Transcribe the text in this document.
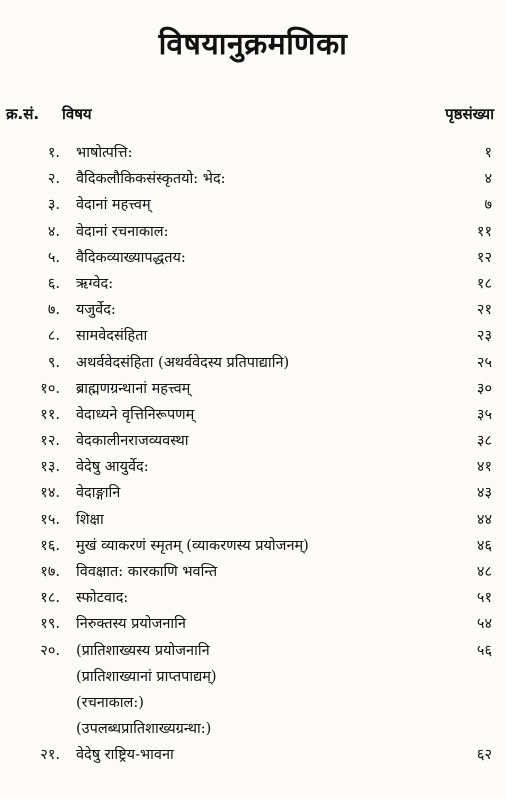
विषयानुक्रमणिका
क्र.सं. विषय	पृष्ठसंख्या
१. भाषोत्पत्ति:	१
२. वैदिकलौकिकसंस्कृतयो: भेद:	४
३. वेदानां महत्त्वम्	७
४. वेदानां रचनाकाल:	११
५. वैदिकव्याख्यापद्धतय:	१२
६. ऋग्वेद:	१८
७. यजुर्वेद:	२१
८. सामवेदसंहिता	२३
९. अथर्ववेदसंहिता (अथर्ववेदस्य प्रतिपाद्यानि)	२५
१०. ब्राह्मणग्रन्थानां महत्त्वम्	३०
११. वेदाध्यने वृत्तिनिरूपणम्	३५
१२. वेदकालीनराजव्यवस्था	३८
१३. वेदेषु आयुर्वेद:	४१
१४. वेदाङ्गानि	४३
१५. शिक्षा	४४
१६. मुखं व्याकरणं स्मृतम् (व्याकरणस्य प्रयोजनम्)	४६
१७. विवक्षात: कारकाणि भवन्ति	४८
१८. स्फोटवाद:	५१
१९. निरुक्तस्य प्रयोजनानि	५४
२०. (प्रातिशाख्यस्य प्रयोजनानि	५६
(प्रातिशाख्यानां प्राप्तपाद्यम्)
(रचनाकाल:)
(उपलब्धप्रातिशाख्यग्रन्था:)
२१. वेदेषु राष्ट्रिय-भावना	६२
